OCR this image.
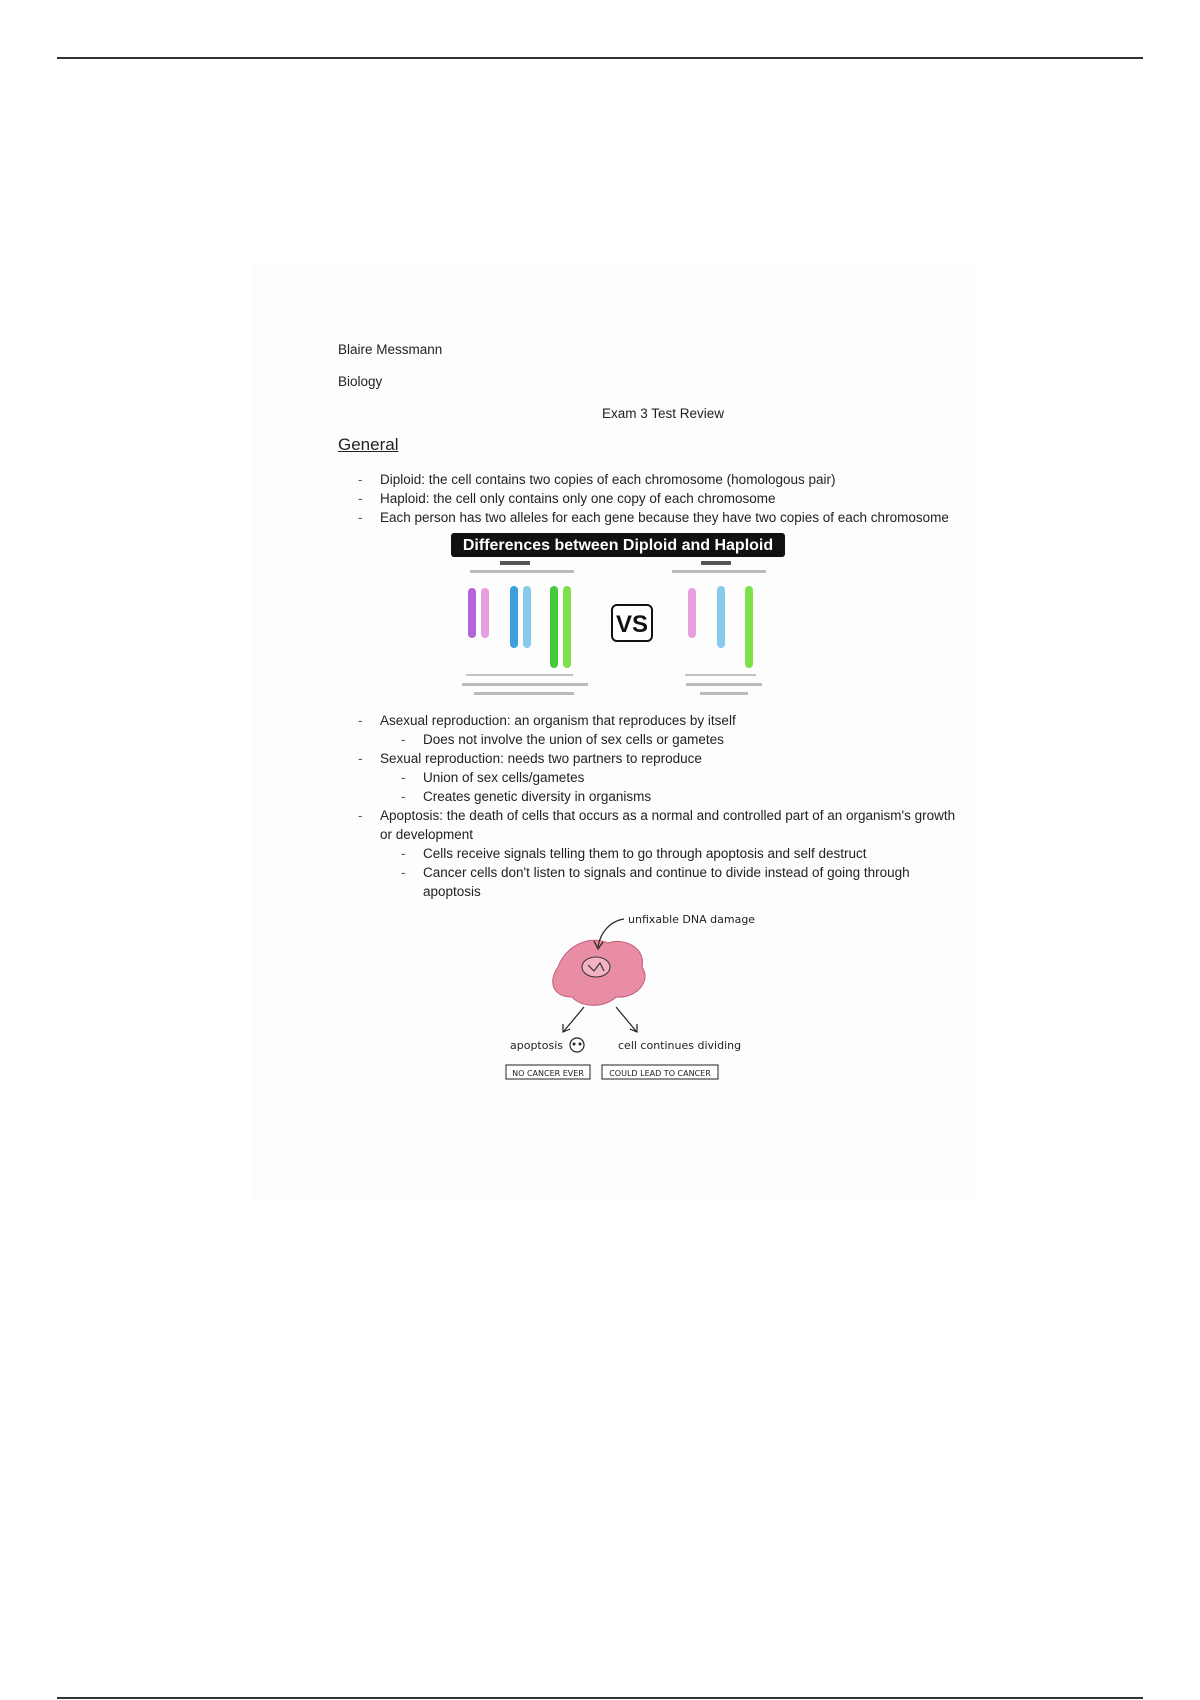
Blaire Messmann

Biology

Exam 3 Test Review

General

- Diploid: the cell contains two copies of each chromosome (homologous pair)
- Haploid: the cell only contains only one copy of each chromosome
- Each person has two alleles for each gene because they have two copies of each chromosome
Differences between Diploid and Haploid
VS
- Asexual reproduction: an organism that reproduces by itself
- Does not involve the union of sex cells or gametes
- Sexual reproduction: needs two partners to reproduce
- Union of sex cells/gametes
- Creates genetic diversity in organisms
- Apoptosis: the death of cells that occurs as a normal and controlled part of an organism's growth or development
- Cells receive signals telling them to go through apoptosis and self destruct
- Cancer cells don't listen to signals and continue to divide instead of going through apoptosis
unfixable DNA damage
apoptosis	cell continues dividing
NO CANCER EVER	COULD LEAD TO CANCER
